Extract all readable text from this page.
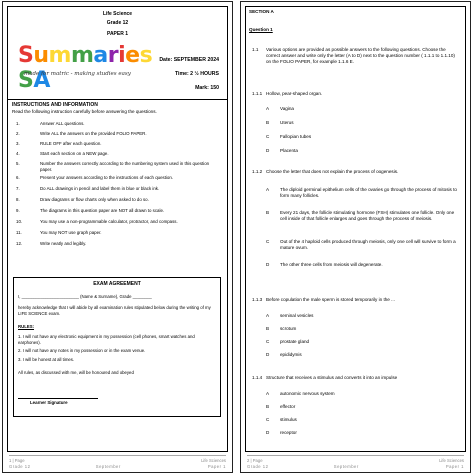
Life Science
Grade 12
PAPER 1
Summaries SA
made for matric - making studies easy
Date: SEPTEMBER 2024
Time: 2 ½ HOURS
Mark: 150
INSTRUCTIONS AND INFORMATION
Read the following instruction carefully before answering the questions.
1.	Answer ALL questions.
2.	Write ALL the answers on the provided FOLIO PAPER.
3.	RULE OFF after each question.
4.	Start each section on a NEW page.
5.	Number the answers correctly according to the numbering system used in this question paper.
6.	Present your answers according to the instructions of each question.
7.	Do ALL drawings in pencil and label them in blue or black ink.
8.	Draw diagrams or flow charts only when asked to do so.
9.	The diagrams in this question paper are NOT all drawn to scale.
10.	You may use a non-programmable calculator, protractor, and compass.
11.	You may NOT use graph paper.
12.	Write neatly and legibly.
EXAM AGREEMENT
I, ________________________ (Name & Surname), Grade ________
hereby acknowledge that I will abide by all examination rules stipulated below during the writing of my LIFE SCIENCE exam.
RULES:
1. I will not have any electronic equipment in my possession (cell phones, smart watches and earphones).
2. I will not have any notes in my possession or in the exam venue.
3. I will be honest at all times.
All rules, as discussed with me, will be honoured and obeyed
Learner Signature
1 | Page	Life Sciences
Grade 12	September	Paper 1
SECTION A
Question 1
1.1 Various options are provided as possible answers to the following questions. Choose the correct answer and write only the letter (A to D) next to the question number ( 1.1.1 to 1.1.10) on the FOLIO PAPER, for example 1.1.6 E.
1.1.1 Hollow, pear-shaped organ.
A Vagina
B Uterus
C Fallopian tubes
D Placenta
1.1.2 Choose the letter that does not explain the process of oogenesis.
A The diploid germinal epithelium cells of the ovaries go through the process of mitosis to form many follicles.
B Every 21 days, the follicle stimulating hormone (FSH) stimulates one follicle. Only one cell inside of that follicle enlarges and goes through the process of meiosis.
C Out of the 4 haploid cells produced through meiosis, only one cell will survive to form a mature ovum.
D The other three cells from meiosis will degenerate.
1.1.3 Before copulation the male sperm is stored temporarily in the ...
A seminal vesicles
B scrotum
C prostate gland
D epididymis
1.1.4 Structure that receives a stimulus and converts it into an impulse
A autonomic nervous system
B effector
C stimulus
D receptor
2 | Page	Life Sciences
Grade 12	September	Paper 1
